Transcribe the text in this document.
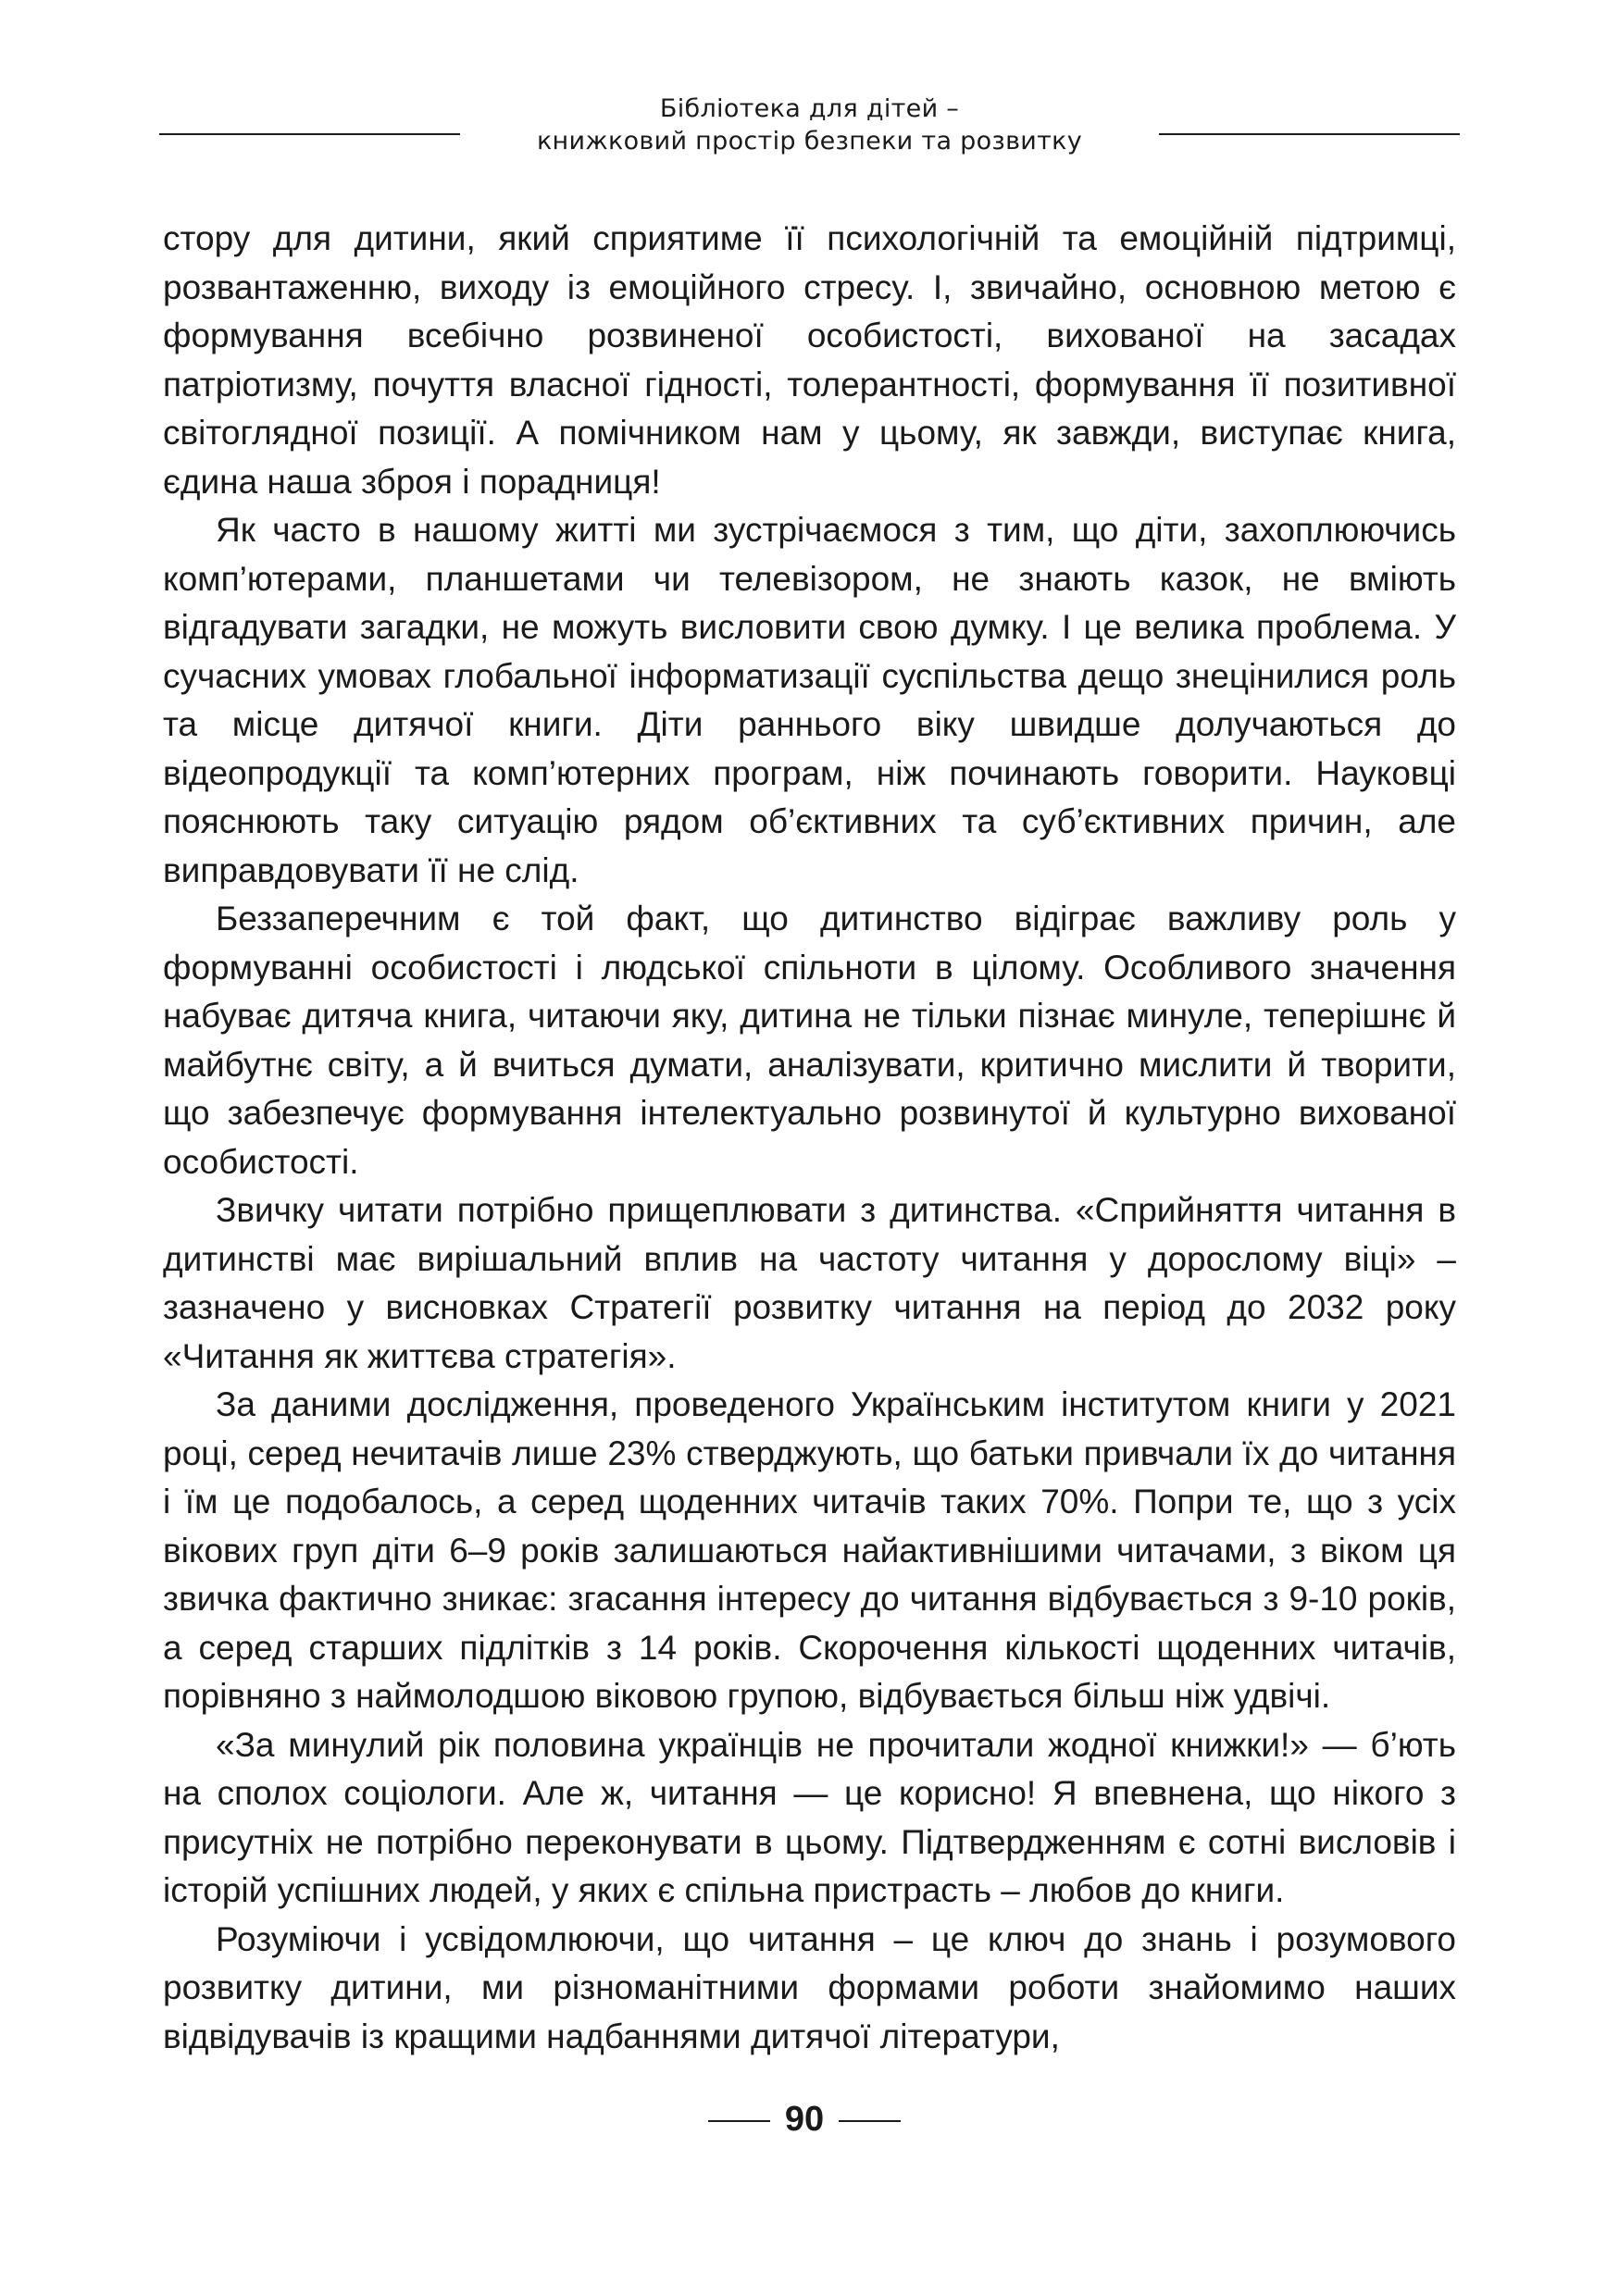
Бібліотека для дітей –
книжковий простір безпеки та розвитку

стору для дитини, який сприятиме її психологічній та емоційній підтримці, розвантаженню, виходу із емоційного стресу. І, звичайно, основною метою є формування всебічно розвиненої особистості, вихованої на засадах патріотизму, почуття власної гідності, толерантності, формування її позитивної світоглядної позиції. А помічником нам у цьому, як завжди, виступає книга, єдина наша зброя і порадниця!

Як часто в нашому житті ми зустрічаємося з тим, що діти, захоплюючись комп’ютерами, планшетами чи телевізором, не знають казок, не вміють відгадувати загадки, не можуть висловити свою думку. І це велика проблема. У сучасних умовах глобальної інформатизації суспільства дещо знецінилися роль та місце дитячої книги. Діти раннього віку швидше долучаються до відеопродукції та комп’ютерних програм, ніж починають говорити. Науковці пояснюють таку ситуацію рядом об’єктивних та суб’єктивних причин, але виправдовувати її не слід.

Беззаперечним є той факт, що дитинство відіграє важливу роль у формуванні особистості і людської спільноти в цілому. Особливого значення набуває дитяча книга, читаючи яку, дитина не тільки пізнає минуле, теперішнє й майбутнє світу, а й вчиться думати, аналізувати, критично мислити й творити, що забезпечує формування інтелектуально розвинутої й культурно вихованої особистості.

Звичку читати потрібно прищеплювати з дитинства. «Сприйняття читання в дитинстві має вирішальний вплив на частоту читання у дорослому віці» – зазначено у висновках Стратегії розвитку читання на період до 2032 року «Читання як життєва стратегія».

За даними дослідження, проведеного Українським інститутом книги у 2021 році, серед нечитачів лише 23% стверджують, що батьки привчали їх до читання і їм це подобалось, а серед щоденних читачів таких 70%. Попри те, що з усіх вікових груп діти 6–9 років залишаються найактивнішими читачами, з віком ця звичка фактично зникає: згасання інтересу до читання відбувається з 9-10 років, а серед старших підлітків з 14 років. Скорочення кількості щоденних читачів, порівняно з наймолодшою віковою групою, відбувається більш ніж удвічі.

«За минулий рік половина українців не прочитали жодної книжки!» — б’ють на сполох соціологи. Але ж, читання — це корисно! Я впевнена, що нікого з присутніх не потрібно переконувати в цьому. Підтвердженням є сотні висловів і історій успішних людей, у яких є спільна пристрасть – любов до книги.

Розуміючи і усвідомлюючи, що читання – це ключ до знань і розумового розвитку дитини, ми різноманітними формами роботи знайомимо наших відвідувачів із кращими надбаннями дитячої літератури,

90
